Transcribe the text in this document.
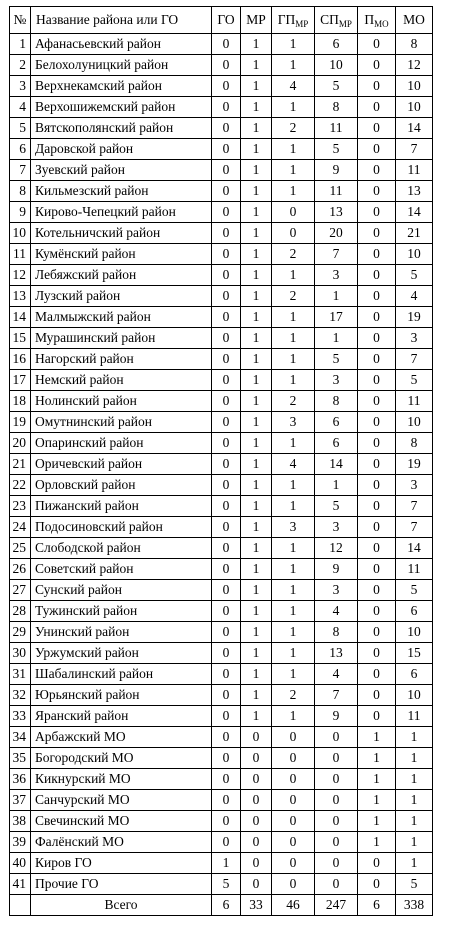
№	Название района или ГО	ГО	МР	$ГП_{МР}$	$СП_{МР}$	$П_{МО}$	МО
1	Афанасьевский район	0	1	1	6	0	8
2	Белохолуницкий район	0	1	1	10	0	12
3	Верхнекамский район	0	1	4	5	0	10
4	Верхошижемский район	0	1	1	8	0	10
5	Вятскополянский район	0	1	2	11	0	14
6	Даровской район	0	1	1	5	0	7
7	Зуевский район	0	1	1	9	0	11
8	Кильмезский район	0	1	1	11	0	13
9	Кирово-Чепецкий район	0	1	0	13	0	14
10	Котельничский район	0	1	0	20	0	21
11	Кумёнский район	0	1	2	7	0	10
12	Лебяжский район	0	1	1	3	0	5
13	Лузский район	0	1	2	1	0	4
14	Малмыжский район	0	1	1	17	0	19
15	Мурашинский район	0	1	1	1	0	3
16	Нагорский район	0	1	1	5	0	7
17	Немский район	0	1	1	3	0	5
18	Нолинский район	0	1	2	8	0	11
19	Омутнинский район	0	1	3	6	0	10
20	Опаринский район	0	1	1	6	0	8
21	Оричевский район	0	1	4	14	0	19
22	Орловский район	0	1	1	1	0	3
23	Пижанский район	0	1	1	5	0	7
24	Подосиновский район	0	1	3	3	0	7
25	Слободской район	0	1	1	12	0	14
26	Советский район	0	1	1	9	0	11
27	Сунский район	0	1	1	3	0	5
28	Тужинский район	0	1	1	4	0	6
29	Унинский район	0	1	1	8	0	10
30	Уржумский район	0	1	1	13	0	15
31	Шабалинский район	0	1	1	4	0	6
32	Юрьянский район	0	1	2	7	0	10
33	Яранский район	0	1	1	9	0	11
34	Арбажский МО	0	0	0	0	1	1
35	Богородский МО	0	0	0	0	1	1
36	Кикнурский МО	0	0	0	0	1	1
37	Санчурский МО	0	0	0	0	1	1
38	Свечинский МО	0	0	0	0	1	1
39	Фалёнский МО	0	0	0	0	1	1
40	Киров ГО	1	0	0	0	0	1
41	Прочие ГО	5	0	0	0	0	5
	Всего	6	33	46	247	6	338
